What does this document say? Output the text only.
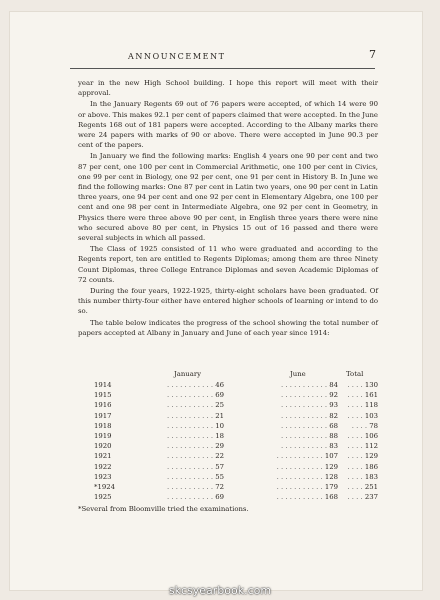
ANNOUNCEMENT	7

year in the new High School building. I hope this report will meet with their approval.

In the January Regents 69 out of 76 papers were accepted, of which 14 were 90 or above. This makes 92.1 per cent of papers claimed that were accepted. In the June Regents 168 out of 181 papers were accepted. According to the Albany marks there were 24 papers with marks of 90 or above. There were accepted in June 90.3 per cent of the papers.

In January we find the following marks: English 4 years one 90 per cent and two 87 per cent, one 100 per cent in Commercial Arithmetic, one 100 per cent in Civics, one 99 per cent in Biology, one 92 per cent, one 91 per cent in History B. In June we find the following marks: One 87 per cent in Latin two years, one 90 per cent in Latin three years, one 94 per cent and one 92 per cent in Elementary Algebra, one 100 per cent and one 98 per cent in Intermediate Algebra, one 92 per cent in Geometry, in Physics there were three above 90 per cent, in English three years there were nine who secured above 80 per cent, in Physics 15 out of 16 passed and there were several subjects in which all passed.

The Class of 1925 consisted of 11 who were graduated and according to the Regents report, ten are entitled to Regents Diplomas; among them are three Ninety Count Diplomas, three College Entrance Diplomas and seven Academic Diplomas of 72 counts.

During the four years, 1922-1925, thirty-eight scholars have been graduated. Of this number thirty-four either have entered higher schools of learning or intend to do so.

The table below indicates the progress of the school showing the total number of papers accepted at Albany in January and June of each year since 1914:

January	June	Total
1914	. . . . . . . . . . . 46	. . . . . . . . . . . 84	. . . . 130
1915	. . . . . . . . . . . 69	. . . . . . . . . . . 92	. . . . 161
1916	. . . . . . . . . . . 25	. . . . . . . . . . . 93	. . . . 118
1917	. . . . . . . . . . . 21	. . . . . . . . . . . 82	. . . . 103
1918	. . . . . . . . . . . 10	. . . . . . . . . . . 68	. . . . 78
1919	. . . . . . . . . . . 18	. . . . . . . . . . . 88	. . . . 106
1920	. . . . . . . . . . . 29	. . . . . . . . . . . 83	. . . . 112
1921	. . . . . . . . . . . 22	. . . . . . . . . . . 107	. . . . 129
1922	. . . . . . . . . . . 57	. . . . . . . . . . . 129	. . . . 186
1923	. . . . . . . . . . . 55	. . . . . . . . . . . 128	. . . . 183
*1924	. . . . . . . . . . . 72	. . . . . . . . . . . 179	. . . . 251
1925	. . . . . . . . . . . 69	. . . . . . . . . . . 168	. . . . 237
*Several from Bloomville tried the examinations.
skcsyearbook.com
